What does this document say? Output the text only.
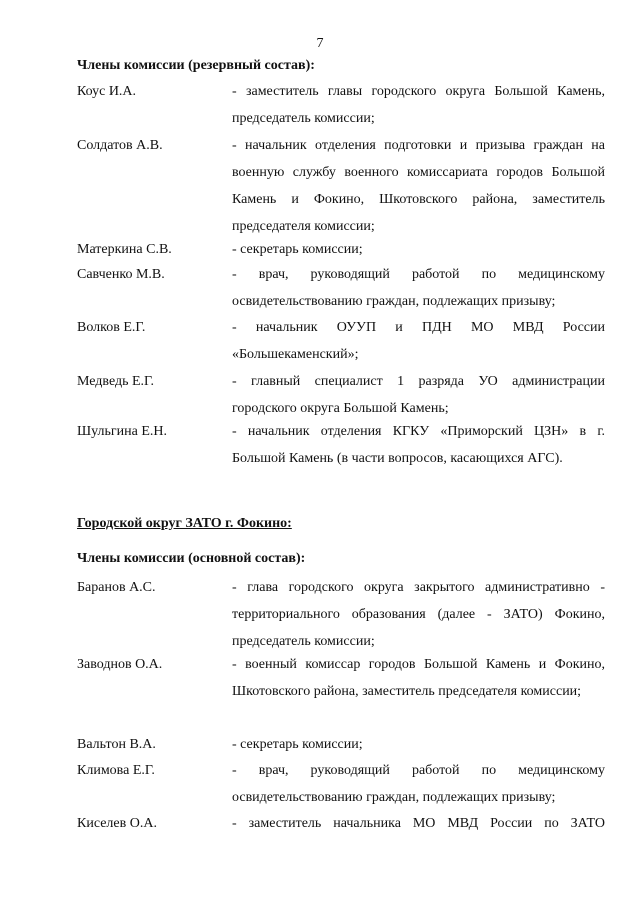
7
Члены комиссии (резервный состав):
Коус И.А.	- заместитель главы городского округа Большой Камень, председатель комиссии;
Солдатов А.В.	- начальник отделения подготовки и призыва граждан на военную службу военного комиссариата городов Большой Камень и Фокино, Шкотовского района, заместитель председателя комиссии;
Матеркина С.В.	- секретарь комиссии;
Савченко М.В.	- врач, руководящий работой по медицинскому освидетельствованию граждан, подлежащих призыву;
Волков Е.Г.	- начальник ОУУП и ПДН МО МВД России «Большекаменский»;
Медведь Е.Г.	- главный специалист 1 разряда УО администрации городского округа Большой Камень;
Шульгина Е.Н.	- начальник отделения КГКУ «Приморский ЦЗН» в г. Большой Камень (в части вопросов, касающихся АГС).
Городской округ ЗАТО г. Фокино:
Члены комиссии (основной состав):
Баранов А.С.	- глава городского округа закрытого административно - территориального образования (далее - ЗАТО) Фокино, председатель комиссии;
Заводнов О.А.	- военный комиссар городов Большой Камень и Фокино, Шкотовского района, заместитель председателя комиссии;
Вальтон В.А.	- секретарь комиссии;
Климова Е.Г.	- врач, руководящий работой по медицинскому освидетельствованию граждан, подлежащих призыву;
Киселев О.А.	- заместитель начальника МО МВД России по ЗАТО
